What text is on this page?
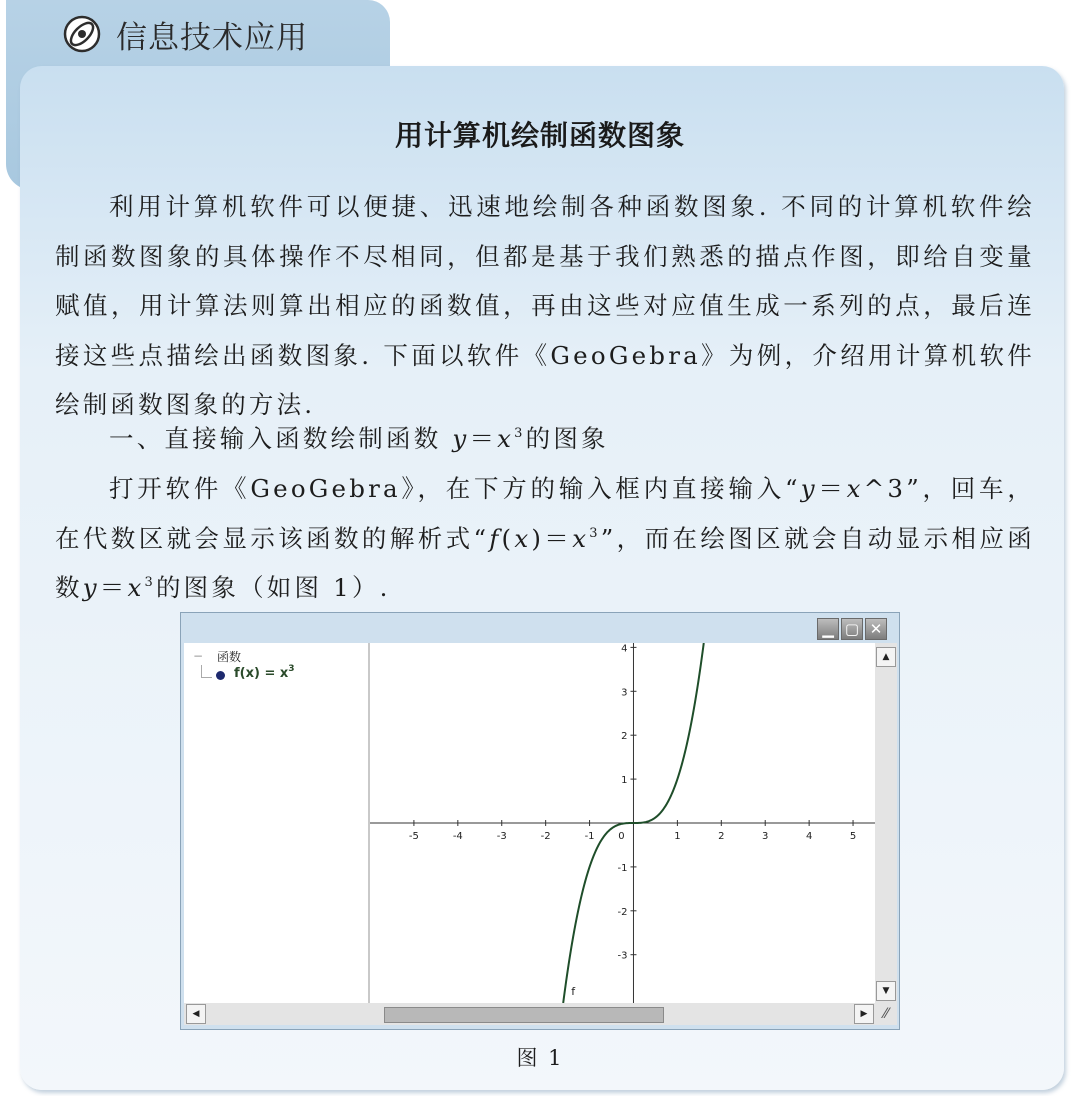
信息技术应用
用计算机绘制函数图象

利用计算机软件可以便捷、迅速地绘制各种函数图象. 不同的计算机软件绘制函数图象的具体操作不尽相同，但都是基于我们熟悉的描点作图，即给自变量赋值，用计算法则算出相应的函数值，再由这些对应值生成一系列的点，最后连接这些点描绘出函数图象. 下面以软件《GeoGebra》为例，介绍用计算机软件绘制函数图象的方法.

一、直接输入函数绘制函数 $y=x^3$的图象

打开软件《GeoGebra》，在下方的输入框内直接输入“y＝x^3”，回车，在代数区就会显示该函数的解析式“$f(x)=x^3$”，而在绘图区就会自动显示相应函数$y=x^3$的图象（如图 1）.

▁ ▢ ✕
− 函数
$f(x) = x^3$
-5	-4	-3	-2	-1 0	1	2	3	4	5
4
3
2
1
-1
-2
-3
f
▲
▼
◀	▶	⁄⁄
图 1
